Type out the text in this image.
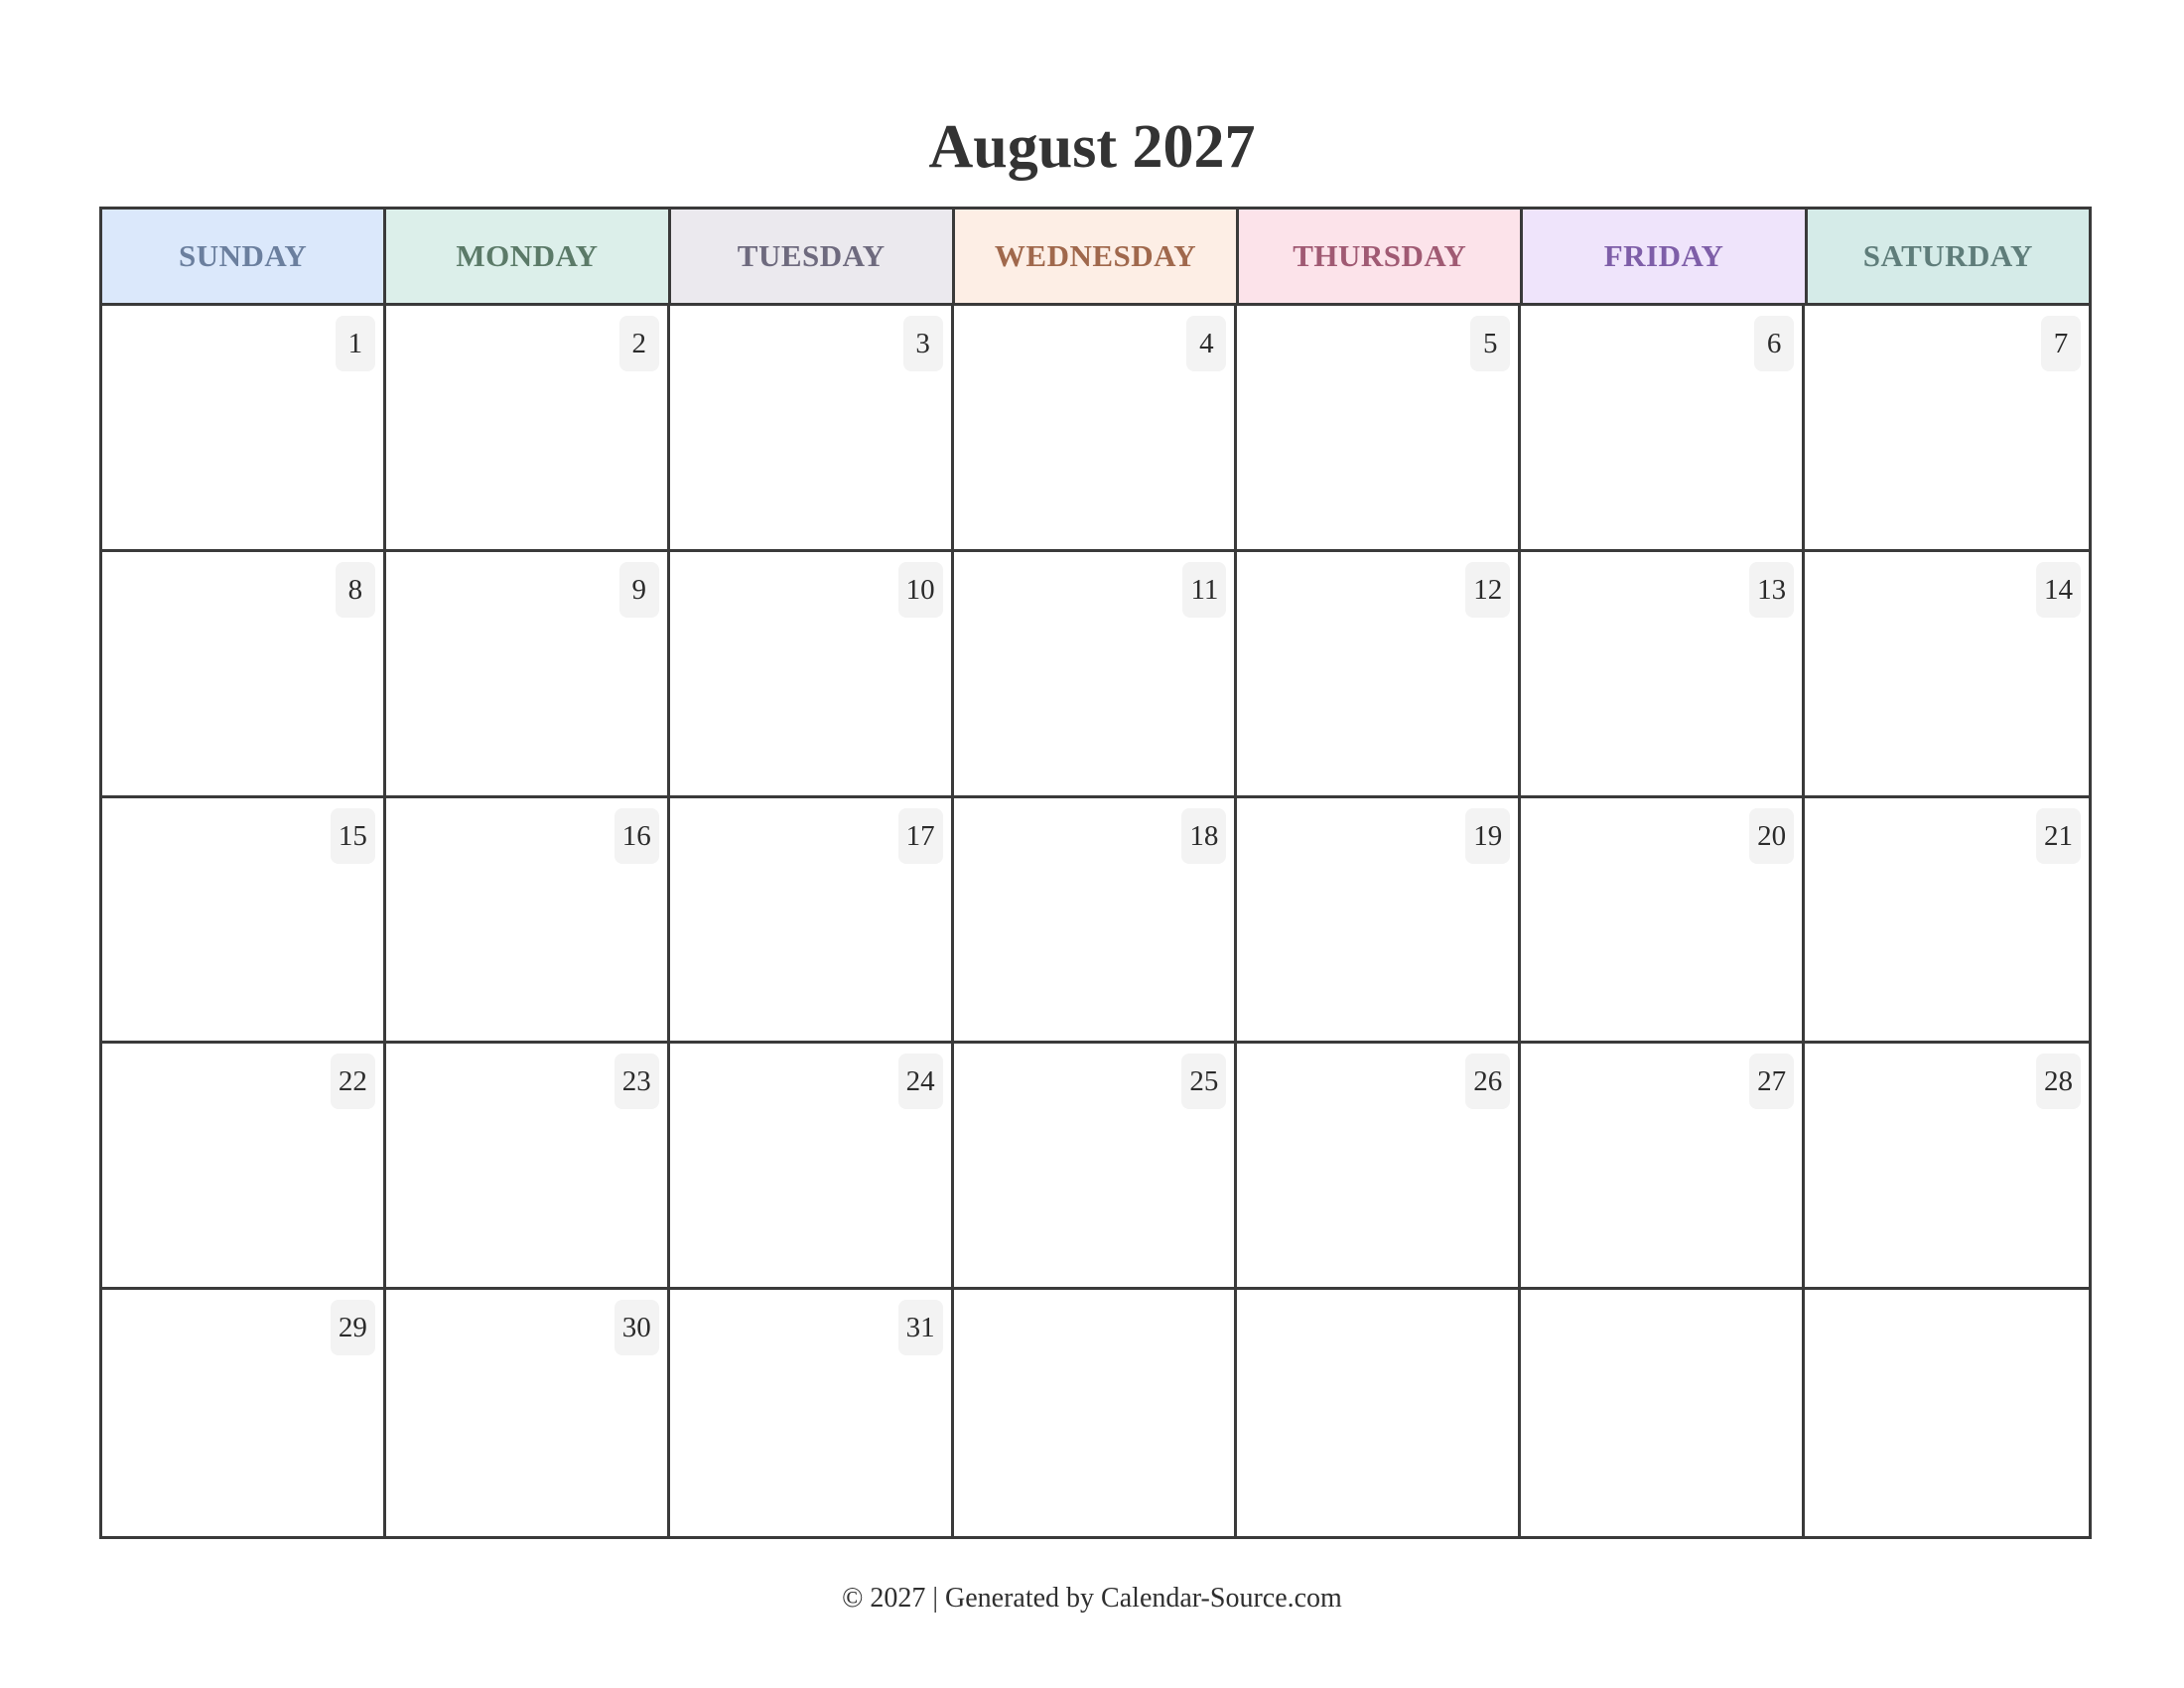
August 2027
SUNDAY	MONDAY	TUESDAY	WEDNESDAY	THURSDAY	FRIDAY	SATURDAY
1	2	3	4	5	6	7
8	9	10	11	12	13	14
15	16	17	18	19	20	21
22	23	24	25	26	27	28
29	30	31
© 2027 | Generated by Calendar-Source.com
